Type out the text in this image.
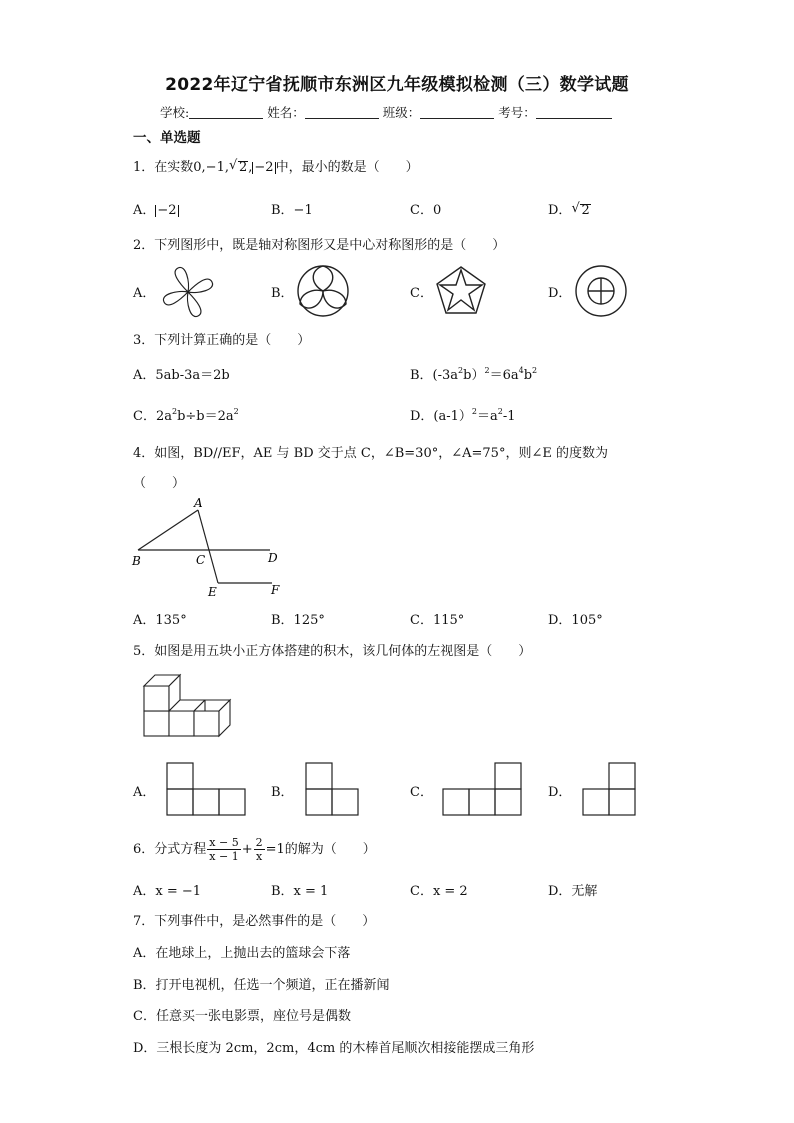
2022年辽宁省抚顺市东洲区九年级模拟检测（三）数学试题
学校:	姓名：	班级：	考号：
一、单选题
1．在实数0,−1, √ 2, −2 中，最小的数是（　　）
A． −2	B．−1	C．0	D． √ 2
2．下列图形中，既是轴对称图形又是中心对称图形的是（　　）
A．	B．	C．	D．
3．下列计算正确的是（　　）
A．5ab-3a＝2b	B．$(-3a^2b)^2=6a^4b^2$
C．$2a^2b\div b=2a^2$	D．$(a-1)^2=a^2-1$
4．如图，BD//EF，AE 与 BD 交于点 C，∠B=30°，∠A=75°，则∠E 的度数为
（　　）
A
B	C	D
E	F
A．135°	B．125°	C．115°	D．105°
5．如图是用五块小正方体搭建的积木，该几何体的左视图是（　　）
A．	B．	C．	D．
6．分式方程 $\frac{x - 5}{x - 1} + \frac{2}{x} =1$的解为（　　）
A．x = −1	B．x = 1	C．x = 2	D．无解
7．下列事件中，是必然事件的是（　　）
A．在地球上，上抛出去的篮球会下落
B．打开电视机，任选一个频道，正在播新闻
C．任意买一张电影票，座位号是偶数
D．三根长度为 2cm，2cm，4cm 的木棒首尾顺次相接能摆成三角形
